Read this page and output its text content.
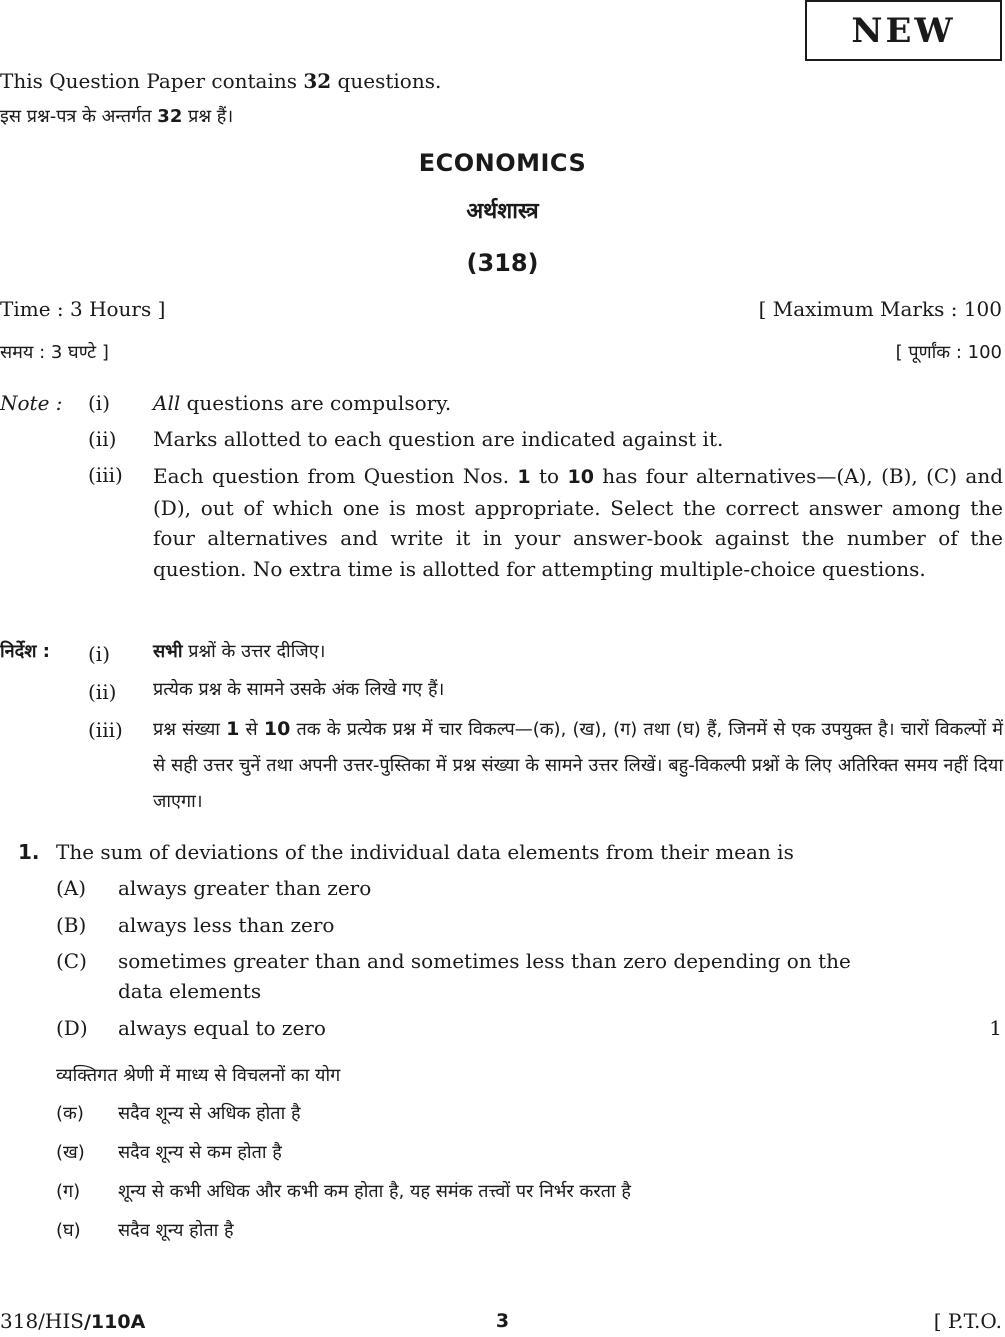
NEW
This Question Paper contains 32 questions.
इस प्रश्न-पत्र के अन्तर्गत 32 प्रश्न हैं।
ECONOMICS
अर्थशास्त्र
(318)
Time : 3 Hours ]	[ Maximum Marks : 100
समय : 3 घण्टे ]	[ पूर्णांक : 100
Note : (i) All questions are compulsory.
(ii) Marks allotted to each question are indicated against it.
(iii) Each question from Question Nos. 1 to 10 has four alternatives—(A), (B), (C) and (D), out of which one is most appropriate. Select the correct answer among the four alternatives and write it in your answer-book against the number of the question. No extra time is allotted for attempting multiple-choice questions.
निर्देश : (i) सभी प्रश्नों के उत्तर दीजिए।
(ii) प्रत्येक प्रश्न के सामने उसके अंक लिखे गए हैं।
(iii) प्रश्न संख्या 1 से 10 तक के प्रत्येक प्रश्न में चार विकल्प—(क), (ख), (ग) तथा (घ) हैं, जिनमें से एक उपयुक्त है। चारों विकल्पों में से सही उत्तर चुनें तथा अपनी उत्तर-पुस्तिका में प्रश्न संख्या के सामने उत्तर लिखें। बहु-विकल्पी प्रश्नों के लिए अतिरिक्त समय नहीं दिया जाएगा।
1. The sum of deviations of the individual data elements from their mean is
(A) always greater than zero
(B) always less than zero
(C) sometimes greater than and sometimes less than zero depending on the
data elements
(D) always equal to zero	1
व्यक्तिगत श्रेणी में माध्य से विचलनों का योग
(क) सदैव शून्य से अधिक होता है
(ख) सदैव शून्य से कम होता है
(ग) शून्य से कभी अधिक और कभी कम होता है, यह समंक तत्त्वों पर निर्भर करता है
(घ) सदैव शून्य होता है
318/HIS/110A	3	[ P.T.O.
